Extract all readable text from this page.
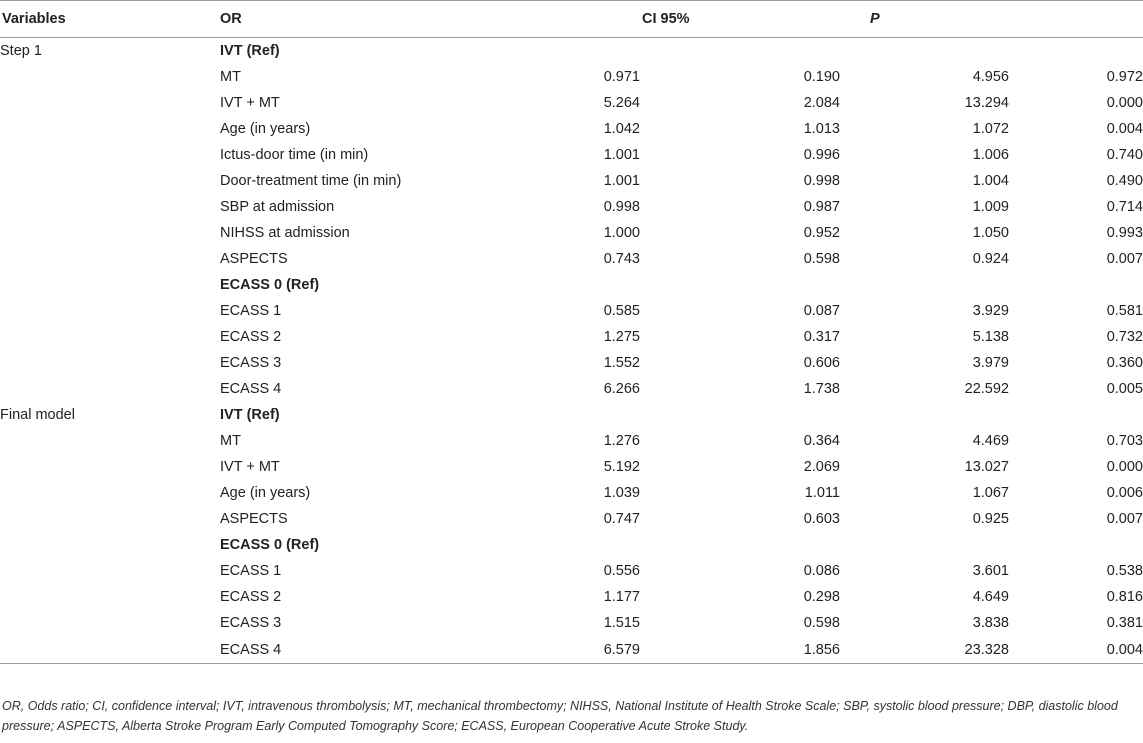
Variables	OR	CI 95%		P	
Step 1	IVT (Ref)				
	MT	0.971	0.190	4.956	0.972
	IVT + MT	5.264	2.084	13.294	0.000
	Age (in years)	1.042	1.013	1.072	0.004
	Ictus-door time (in min)	1.001	0.996	1.006	0.740
	Door-treatment time (in min)	1.001	0.998	1.004	0.490
	SBP at admission	0.998	0.987	1.009	0.714
	NIHSS at admission	1.000	0.952	1.050	0.993
	ASPECTS	0.743	0.598	0.924	0.007
	ECASS 0 (Ref)				
	ECASS 1	0.585	0.087	3.929	0.581
	ECASS 2	1.275	0.317	5.138	0.732
	ECASS 3	1.552	0.606	3.979	0.360
	ECASS 4	6.266	1.738	22.592	0.005
Final model	IVT (Ref)				
	MT	1.276	0.364	4.469	0.703
	IVT + MT	5.192	2.069	13.027	0.000
	Age (in years)	1.039	1.011	1.067	0.006
	ASPECTS	0.747	0.603	0.925	0.007
	ECASS 0 (Ref)				
	ECASS 1	0.556	0.086	3.601	0.538
	ECASS 2	1.177	0.298	4.649	0.816
	ECASS 3	1.515	0.598	3.838	0.381
	ECASS 4	6.579	1.856	23.328	0.004
OR, Odds ratio; CI, confidence interval; IVT, intravenous thrombolysis; MT, mechanical thrombectomy; NIHSS, National Institute of Health Stroke Scale; SBP, systolic blood pressure; DBP, diastolic blood pressure; ASPECTS, Alberta Stroke Program Early Computed Tomography Score; ECASS, European Cooperative Acute Stroke Study.
